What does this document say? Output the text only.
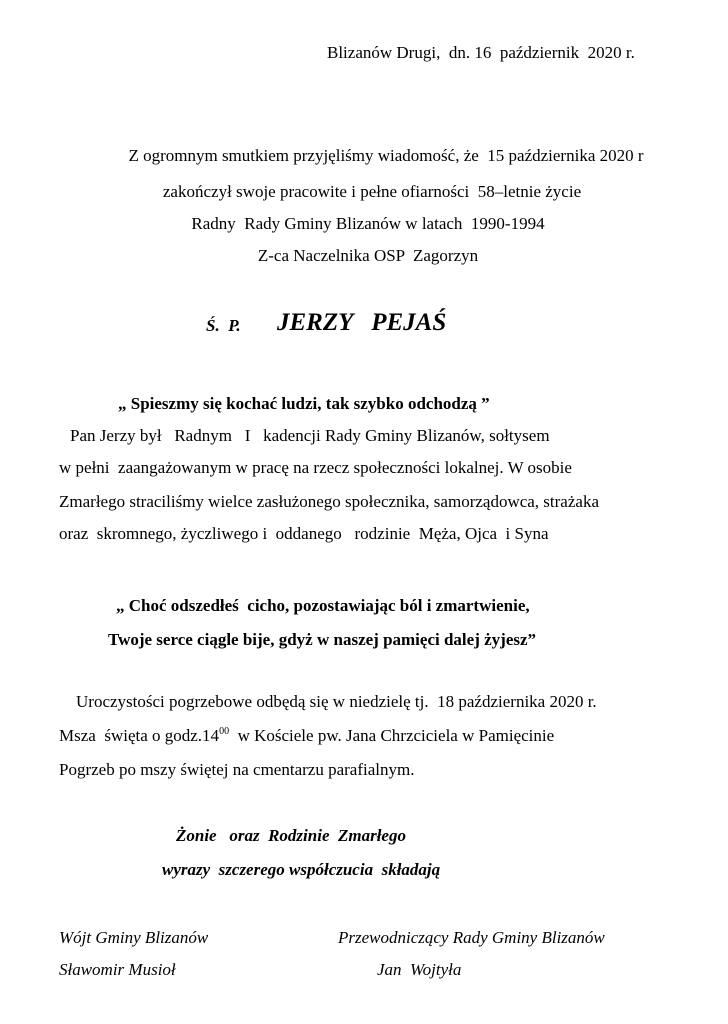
Blizanów Drugi,  dn. 16  październik  2020 r.

Z ogromnym smutkiem przyjęliśmy wiadomość, że  15 października 2020 r

zakończył swoje pracowite i pełne ofiarności  58–letnie życie

Radny  Rady Gminy Blizanów w latach  1990-1994

Z-ca Naczelnika OSP  Zagorzyn

Ś.  P. JERZY   PEJAŚ

„ Spieszmy się kochać ludzi, tak szybko odchodzą ”

Pan Jerzy był   Radnym   I   kadencji Rady Gminy Blizanów, sołtysem

w pełni  zaangażowanym w pracę na rzecz społeczności lokalnej. W osobie

Zmarłego straciliśmy wielce zasłużonego społecznika, samorządowca, strażaka

oraz  skromnego, życzliwego i  oddanego   rodzinie  Męża, Ojca  i Syna

„ Choć odszedłeś  cicho, pozostawiając ból i zmartwienie,

Twoje serce ciągle bije, gdyż w naszej pamięci dalej żyjesz”

Uroczystości pogrzebowe odbędą się w niedzielę tj.  18 października 2020 r.

Msza  święta o $godz.14^{00}$  w Kościele pw. Jana Chrzciciela w Pamięcinie

Pogrzeb po mszy świętej na cmentarzu parafialnym.

Żonie   oraz  Rodzinie  Zmarłego

wyrazy  szczerego współczucia  składają

Wójt Gminy Blizanów

Sławomir Musioł

Przewodniczący Rady Gminy Blizanów

Jan  Wojtyła
